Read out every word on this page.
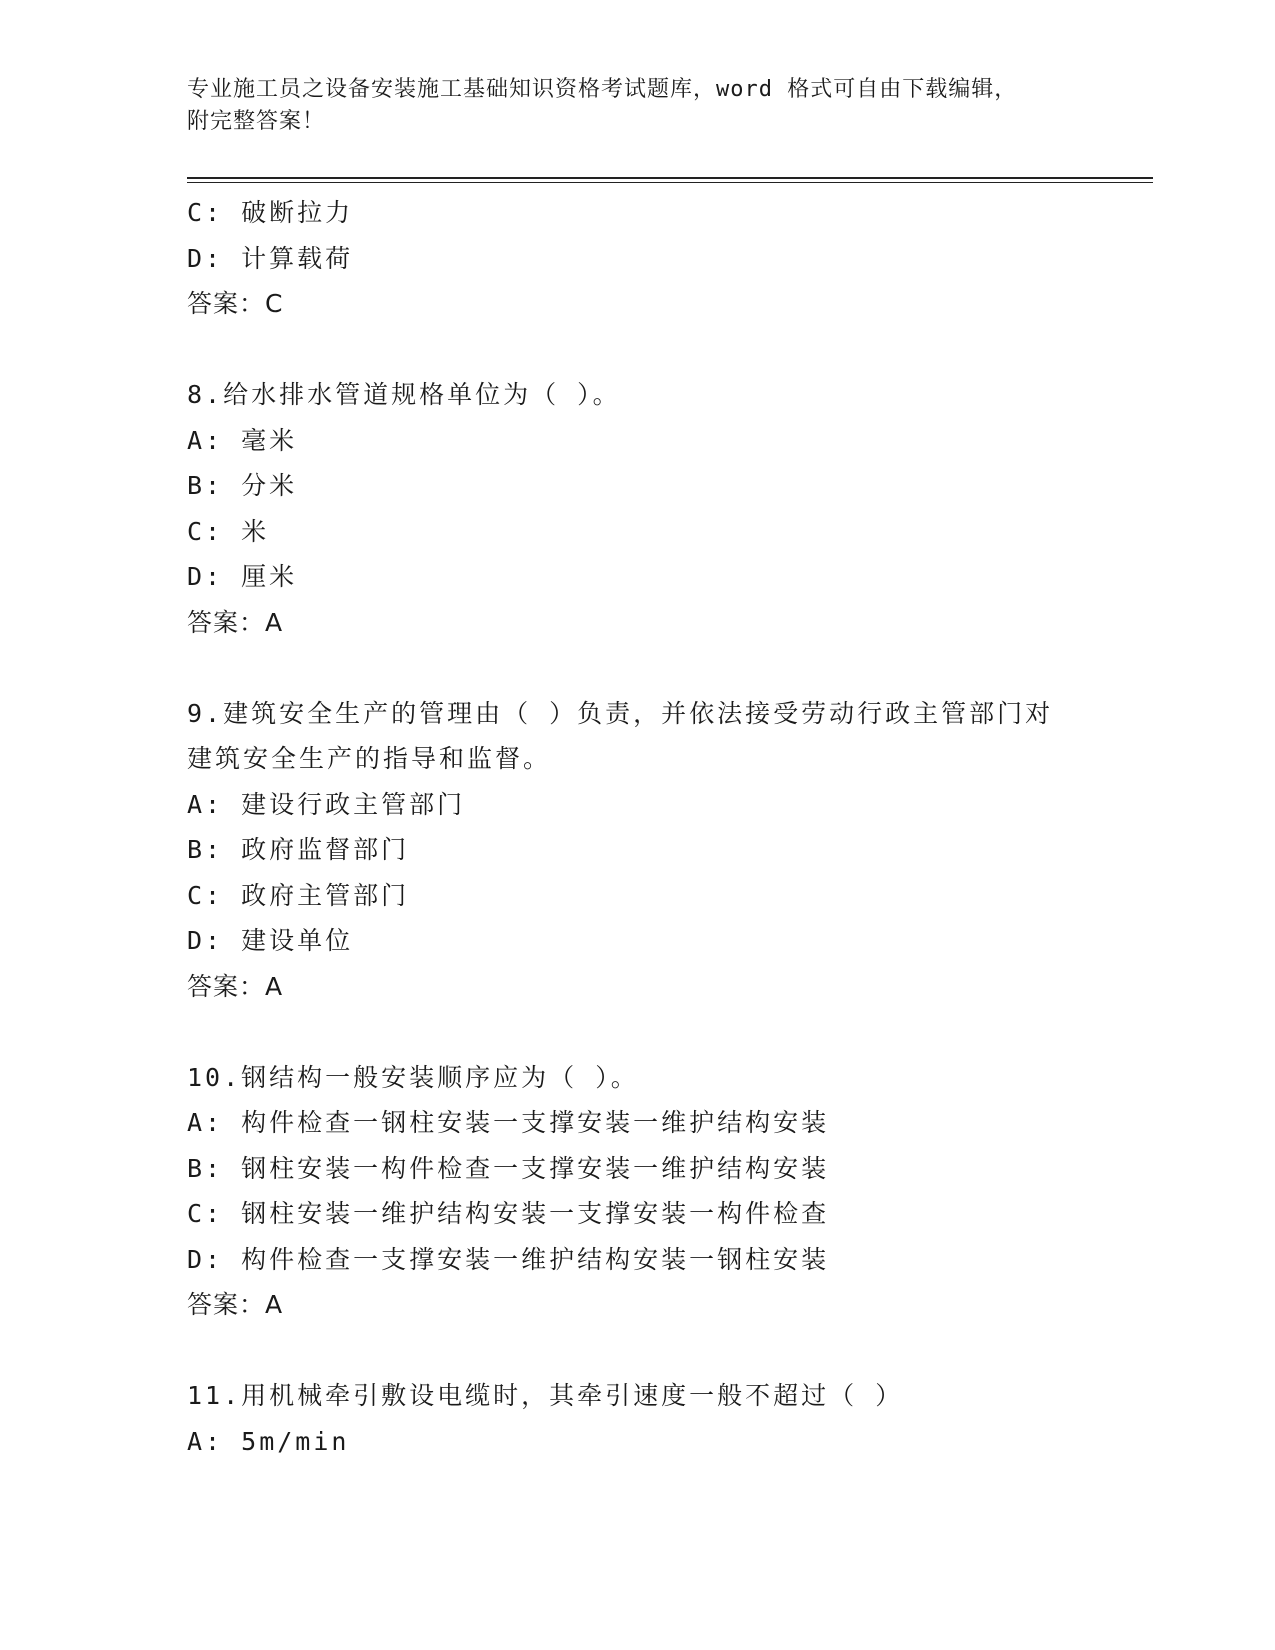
专业施工员之设备安装施工基础知识资格考试题库，word 格式可自由下载编辑，
附完整答案！
C: 破断拉力
D: 计算载荷
答案：C
8.给水排水管道规格单位为（ ）。
A: 毫米
B: 分米
C: 米
D: 厘米
答案：A
9.建筑安全生产的管理由（ ）负责，并依法接受劳动行政主管部门对
建筑安全生产的指导和监督。
A: 建设行政主管部门
B: 政府监督部门
C: 政府主管部门
D: 建设单位
答案：A
10.钢结构一般安装顺序应为（ ）。
A: 构件检查一钢柱安装一支撑安装一维护结构安装
B: 钢柱安装一构件检查一支撑安装一维护结构安装
C: 钢柱安装一维护结构安装一支撑安装一构件检查
D: 构件检查一支撑安装一维护结构安装一钢柱安装
答案：A
11.用机械牵引敷设电缆时，其牵引速度一般不超过（ ）
A: 5m/min
